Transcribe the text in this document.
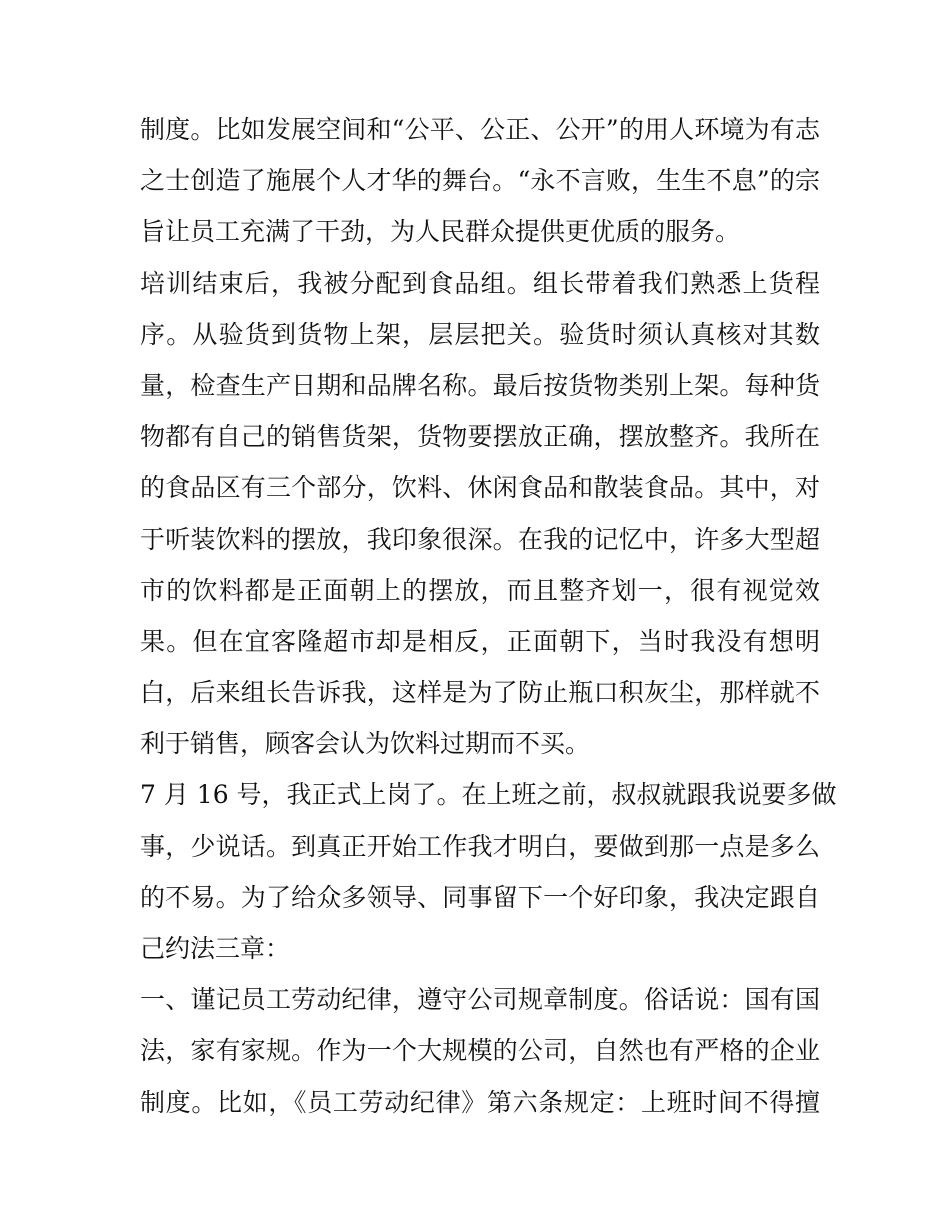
制度。比如发展空间和“公平、公正、公开”的用人环境为有志
之士创造了施展个人才华的舞台。“永不言败，生生不息”的宗
旨让员工充满了干劲，为人民群众提供更优质的服务。
培训结束后，我被分配到食品组。组长带着我们熟悉上货程
序。从验货到货物上架，层层把关。验货时须认真核对其数
量，检查生产日期和品牌名称。最后按货物类别上架。每种货
物都有自己的销售货架，货物要摆放正确，摆放整齐。我所在
的食品区有三个部分，饮料、休闲食品和散装食品。其中，对
于听装饮料的摆放，我印象很深。在我的记忆中，许多大型超
市的饮料都是正面朝上的摆放，而且整齐划一，很有视觉效
果。但在宜客隆超市却是相反，正面朝下，当时我没有想明
白，后来组长告诉我，这样是为了防止瓶口积灰尘，那样就不
利于销售，顾客会认为饮料过期而不买。
7 月 16 号，我正式上岗了。在上班之前，叔叔就跟我说要多做
事，少说话。到真正开始工作我才明白，要做到那一点是多么
的不易。为了给众多领导、同事留下一个好印象，我决定跟自
己约法三章：
一、谨记员工劳动纪律，遵守公司规章制度。俗话说：国有国
法，家有家规。作为一个大规模的公司，自然也有严格的企业
制度。比如，《员工劳动纪律》第六条规定：上班时间不得擅
